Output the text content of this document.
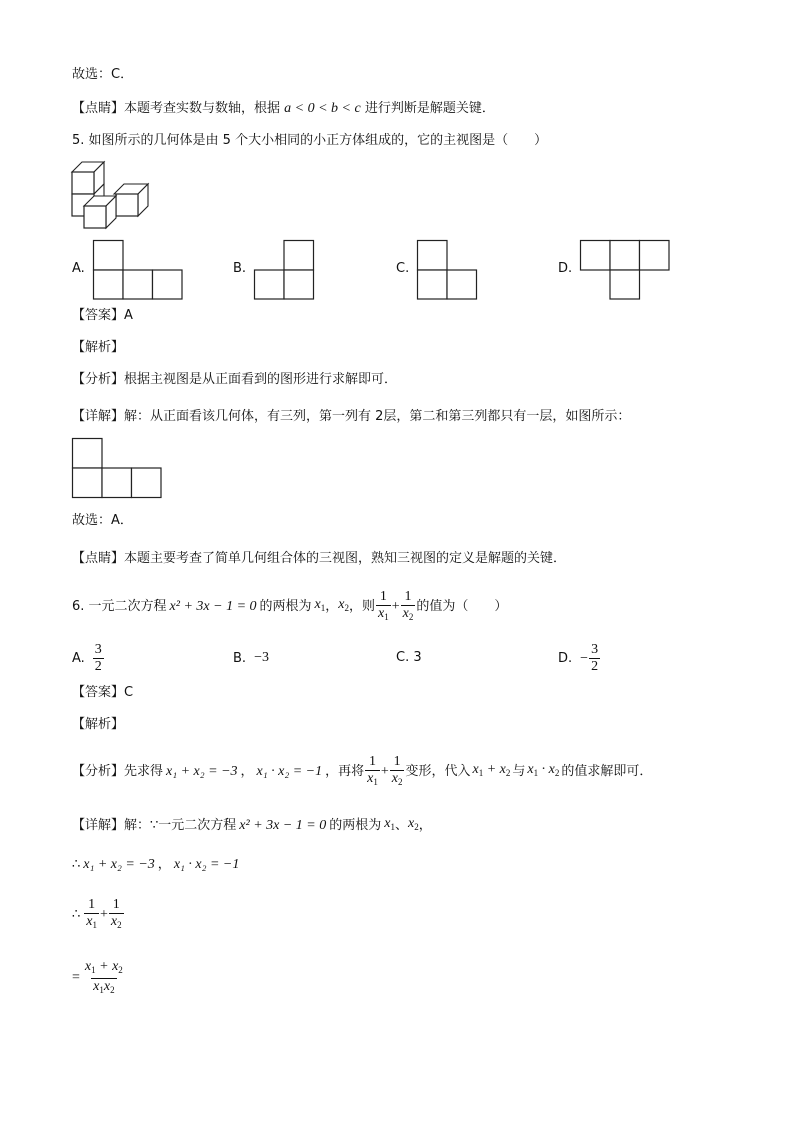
故选：C．
【点睛】本题考查实数与数轴，根据 a < 0 < b < c 进行判断是解题关键．
5. 如图所示的几何体是由 5 个大小相同的小正方体组成的，它的主视图是（　　）
A.	B.	C.	D.
【答案】A
【解析】
【分析】根据主视图是从正面看到的图形进行求解即可．
【详解】解：从正面看该几何体，有三列，第一列有 2层，第二和第三列都只有一层，如图所示：
故选：A．
【点睛】本题主要考查了简单几何组合体的三视图，熟知三视图的定义是解题的关键．
6. 一元二次方程 x² + 3x − 1 = 0 的两根为 $x_1$ ， $x_2$ ，则 $\frac{1}{x_1} + \frac{1}{x_2}$ 的值为（　　）
A. $\frac{3}{2}$	B. −3	C. 3	D. − $\frac{3}{2}$
【答案】C
【解析】
【分析】先求得 x₁ + x₂ = −3 ， x₁ · x₂ = −1 ，再将 $\frac{1}{x_1} + \frac{1}{x_2}$ 变形，代入 $x_1 + x_2$ 与 $x_1 \cdot x_2$ 的值求解即可．
【详解】解：∵一元二次方程 x² + 3x − 1 = 0 的两根为 $x_1$ 、 $x_2$ ，
∴ x₁ + x₂ = −3 ， x₁ · x₂ = −1
∴ $\frac{1}{x_1} + \frac{1}{x_2}$
= $\frac{x_1 + x_2}{x_1x_2}$
